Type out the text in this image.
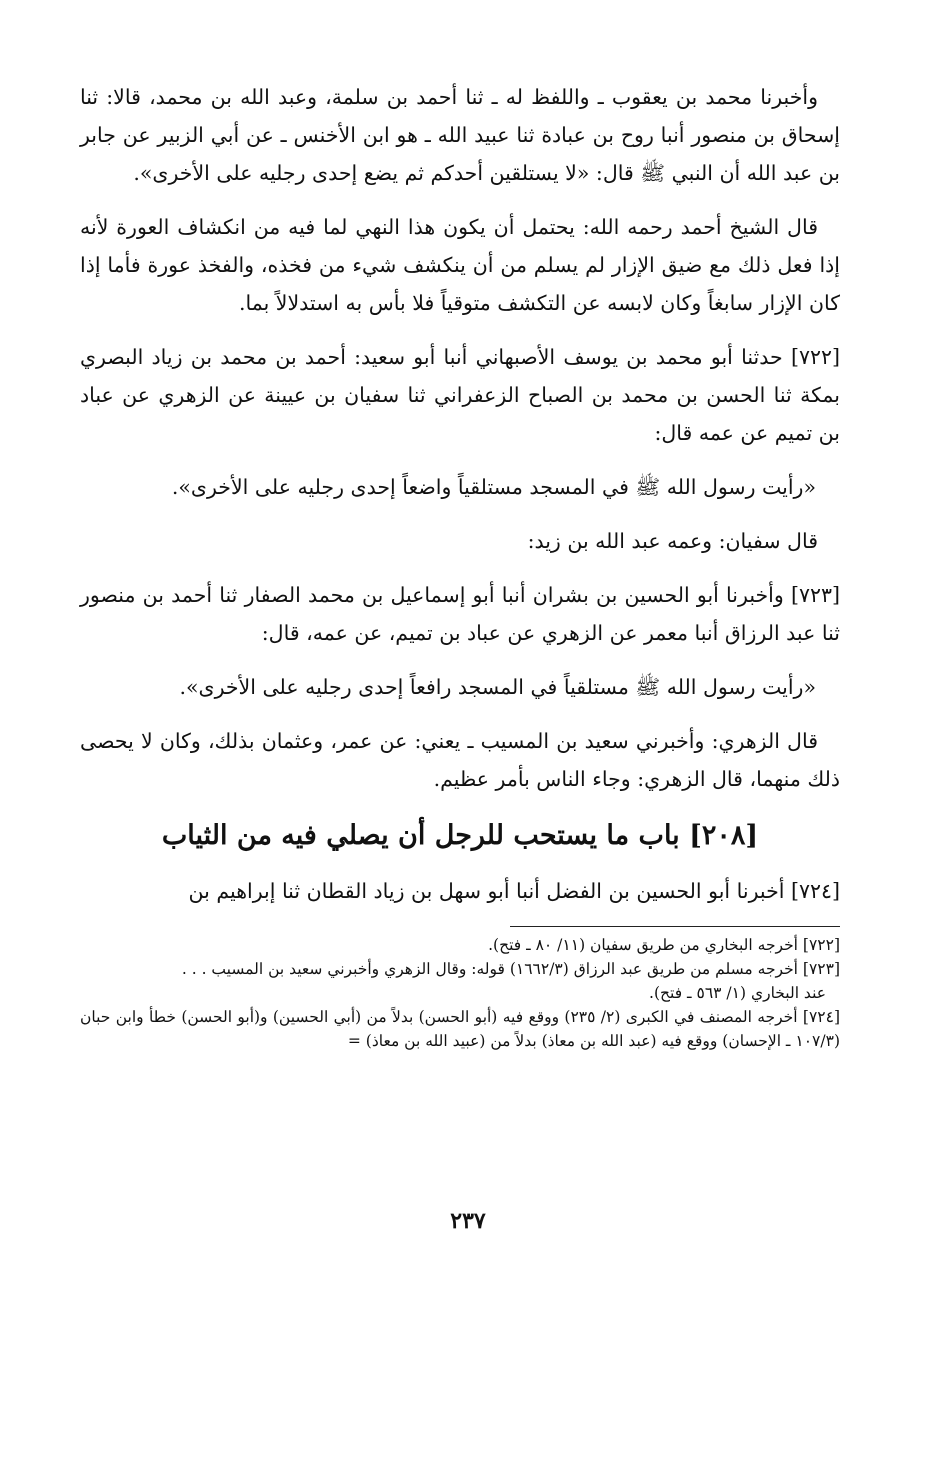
وأخبرنا محمد بن يعقوب ـ واللفظ له ـ ثنا أحمد بن سلمة، وعبد الله بن محمد، قالا: ثنا إسحاق بن منصور أنبا روح بن عبادة ثنا عبيد الله ـ هو ابن الأخنس ـ عن أبي الزبير عن جابر بن عبد الله أن النبي ﷺ قال: «لا يستلقين أحدكم ثم يضع إحدى رجليه على الأخرى».

قال الشيخ أحمد رحمه الله: يحتمل أن يكون هذا النهي لما فيه من انكشاف العورة لأنه إذا فعل ذلك مع ضيق الإزار لم يسلم من أن ينكشف شيء من فخذه، والفخذ عورة فأما إذا كان الإزار سابغاً وكان لابسه عن التكشف متوقياً فلا بأس به استدلالاً بما.

[٧٢٢] حدثنا أبو محمد بن يوسف الأصبهاني أنبا أبو سعيد: أحمد بن محمد بن زياد البصري بمكة ثنا الحسن بن محمد بن الصباح الزعفراني ثنا سفيان بن عيينة عن الزهري عن عباد بن تميم عن عمه قال:

«رأيت رسول الله ﷺ في المسجد مستلقياً واضعاً إحدى رجليه على الأخرى».

قال سفيان: وعمه عبد الله بن زيد:

[٧٢٣] وأخبرنا أبو الحسين بن بشران أنبا أبو إسماعيل بن محمد الصفار ثنا أحمد بن منصور ثنا عبد الرزاق أنبا معمر عن الزهري عن عباد بن تميم، عن عمه، قال:

«رأيت رسول الله ﷺ مستلقياً في المسجد رافعاً إحدى رجليه على الأخرى».

قال الزهري: وأخبرني سعيد بن المسيب ـ يعني: عن عمر، وعثمان بذلك، وكان لا يحصى ذلك منهما، قال الزهري: وجاء الناس بأمر عظيم.

[٢٠٨] باب ما يستحب للرجل أن يصلي فيه من الثياب

[٧٢٤] أخبرنا أبو الحسين بن الفضل أنبا أبو سهل بن زياد القطان ثنا إبراهيم بن

[٧٢٢] أخرجه البخاري من طريق سفيان (١١/ ٨٠ ـ فتح).

[٧٢٣] أخرجه مسلم من طريق عبد الرزاق (١٦٦٢/٣) قوله: وقال الزهري وأخبرني سعيد بن المسيب . . .

عند البخاري (١/ ٥٦٣ ـ فتح).

[٧٢٤] أخرجه المصنف في الكبرى (٢/ ٢٣٥) ووقع فيه (أبو الحسن) بدلاً من (أبي الحسين) و(أبو الحسن) خطأ وابن حبان (١٠٧/٣ ـ الإحسان) ووقع فيه (عبد الله بن معاذ) بدلاً من (عبيد الله بن معاذ) =

٢٣٧
